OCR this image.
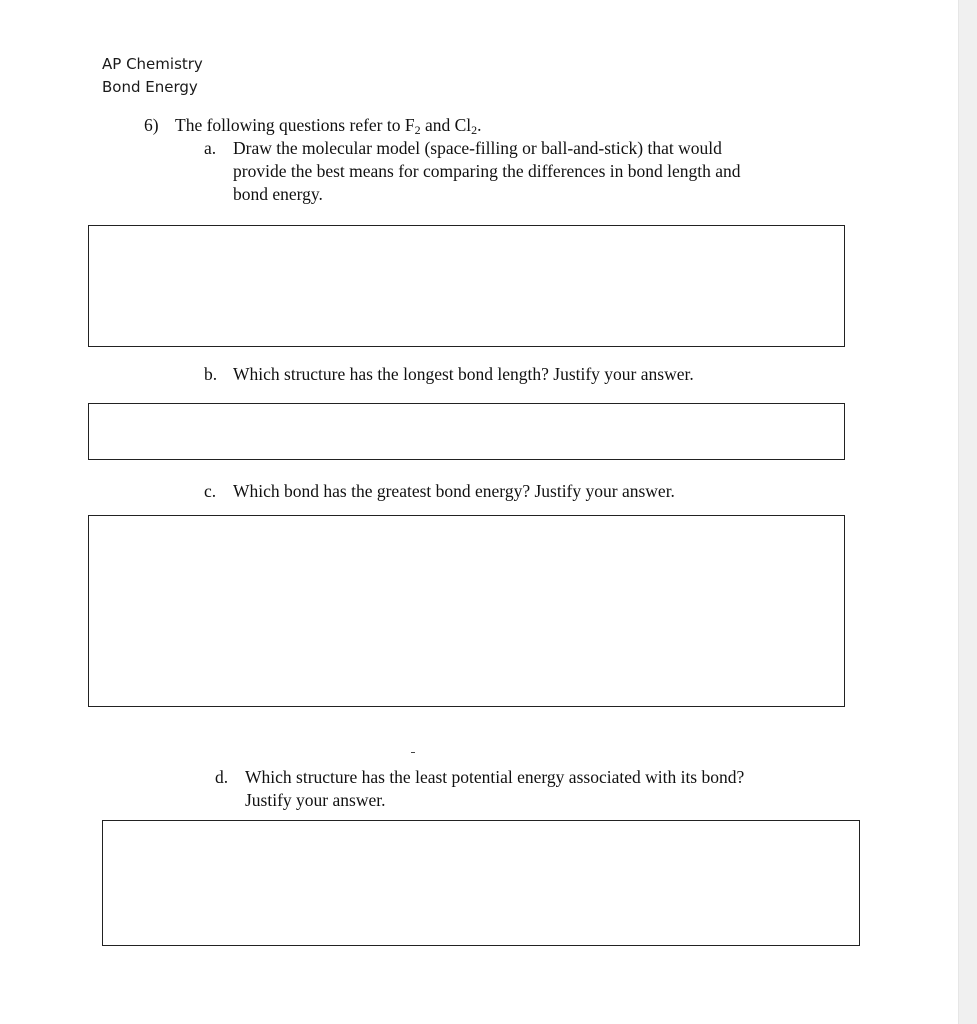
AP Chemistry
Bond Energy
6) The following questions refer to $F_2$ and $Cl_2$.
a. Draw the molecular model (space-filling or ball-and-stick) that would
provide the best means for comparing the differences in bond length and
bond energy.
b. Which structure has the longest bond length? Justify your answer.
c. Which bond has the greatest bond energy? Justify your answer.
d. Which structure has the least potential energy associated with its bond?
Justify your answer.
